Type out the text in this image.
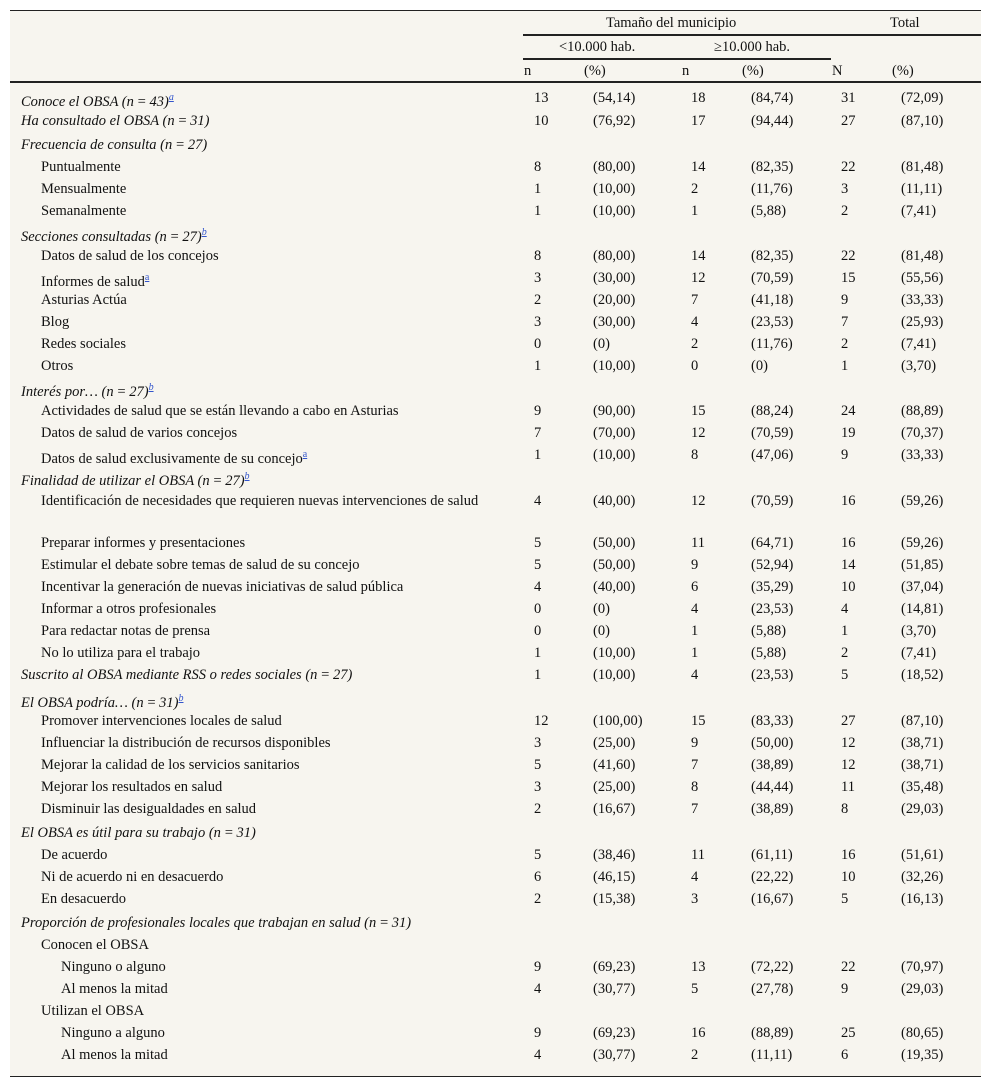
Tamaño del municipio	Total
<10.000 hab.	≥10.000 hab.
n	(%)	n	(%)	N	(%)
Conoce el OBSA (n = 43)$^a$	13	(54,14)	18	(84,74)	31	(72,09)
Ha consultado el OBSA (n = 31)	10	(76,92)	17	(94,44)	27	(87,10)
Frecuencia de consulta (n = 27)
Puntualmente	8	(80,00)	14	(82,35)	22	(81,48)
Mensualmente	1	(10,00)	2	(11,76)	3	(11,11)
Semanalmente	1	(10,00)	1	(5,88)	2	(7,41)
Secciones consultadas (n = 27)$^b$
Datos de salud de los concejos	8	(80,00)	14	(82,35)	22	(81,48)
Informes de salud$^a$	3	(30,00)	12	(70,59)	15	(55,56)
Asturias Actúa	2	(20,00)	7	(41,18)	9	(33,33)
Blog	3	(30,00)	4	(23,53)	7	(25,93)
Redes sociales	0	(0)	2	(11,76)	2	(7,41)
Otros	1	(10,00)	0	(0)	1	(3,70)
Interés por… (n = 27)$^b$
Actividades de salud que se están llevando a cabo en Asturias	9	(90,00)	15	(88,24)	24	(88,89)
Datos de salud de varios concejos	7	(70,00)	12	(70,59)	19	(70,37)
Datos de salud exclusivamente de su concejo$^a$	1	(10,00)	8	(47,06)	9	(33,33)
Finalidad de utilizar el OBSA (n = 27)$^b$
Identificación de necesidades que requieren nuevas intervenciones de salud	4	(40,00)	12	(70,59)	16	(59,26)
Preparar informes y presentaciones	5	(50,00)	11	(64,71)	16	(59,26)
Estimular el debate sobre temas de salud de su concejo	5	(50,00)	9	(52,94)	14	(51,85)
Incentivar la generación de nuevas iniciativas de salud pública	4	(40,00)	6	(35,29)	10	(37,04)
Informar a otros profesionales	0	(0)	4	(23,53)	4	(14,81)
Para redactar notas de prensa	0	(0)	1	(5,88)	1	(3,70)
No lo utiliza para el trabajo	1	(10,00)	1	(5,88)	2	(7,41)
Suscrito al OBSA mediante RSS o redes sociales (n = 27)	1	(10,00)	4	(23,53)	5	(18,52)
El OBSA podría… (n = 31)$^b$
Promover intervenciones locales de salud	12	(100,00)	15	(83,33)	27	(87,10)
Influenciar la distribución de recursos disponibles	3	(25,00)	9	(50,00)	12	(38,71)
Mejorar la calidad de los servicios sanitarios	5	(41,60)	7	(38,89)	12	(38,71)
Mejorar los resultados en salud	3	(25,00)	8	(44,44)	11	(35,48)
Disminuir las desigualdades en salud	2	(16,67)	7	(38,89)	8	(29,03)
El OBSA es útil para su trabajo (n = 31)
De acuerdo	5	(38,46)	11	(61,11)	16	(51,61)
Ni de acuerdo ni en desacuerdo	6	(46,15)	4	(22,22)	10	(32,26)
En desacuerdo	2	(15,38)	3	(16,67)	5	(16,13)
Proporción de profesionales locales que trabajan en salud (n = 31)
Conocen el OBSA
Ninguno o alguno	9	(69,23)	13	(72,22)	22	(70,97)
Al menos la mitad	4	(30,77)	5	(27,78)	9	(29,03)
Utilizan el OBSA
Ninguno a alguno	9	(69,23)	16	(88,89)	25	(80,65)
Al menos la mitad	4	(30,77)	2	(11,11)	6	(19,35)
